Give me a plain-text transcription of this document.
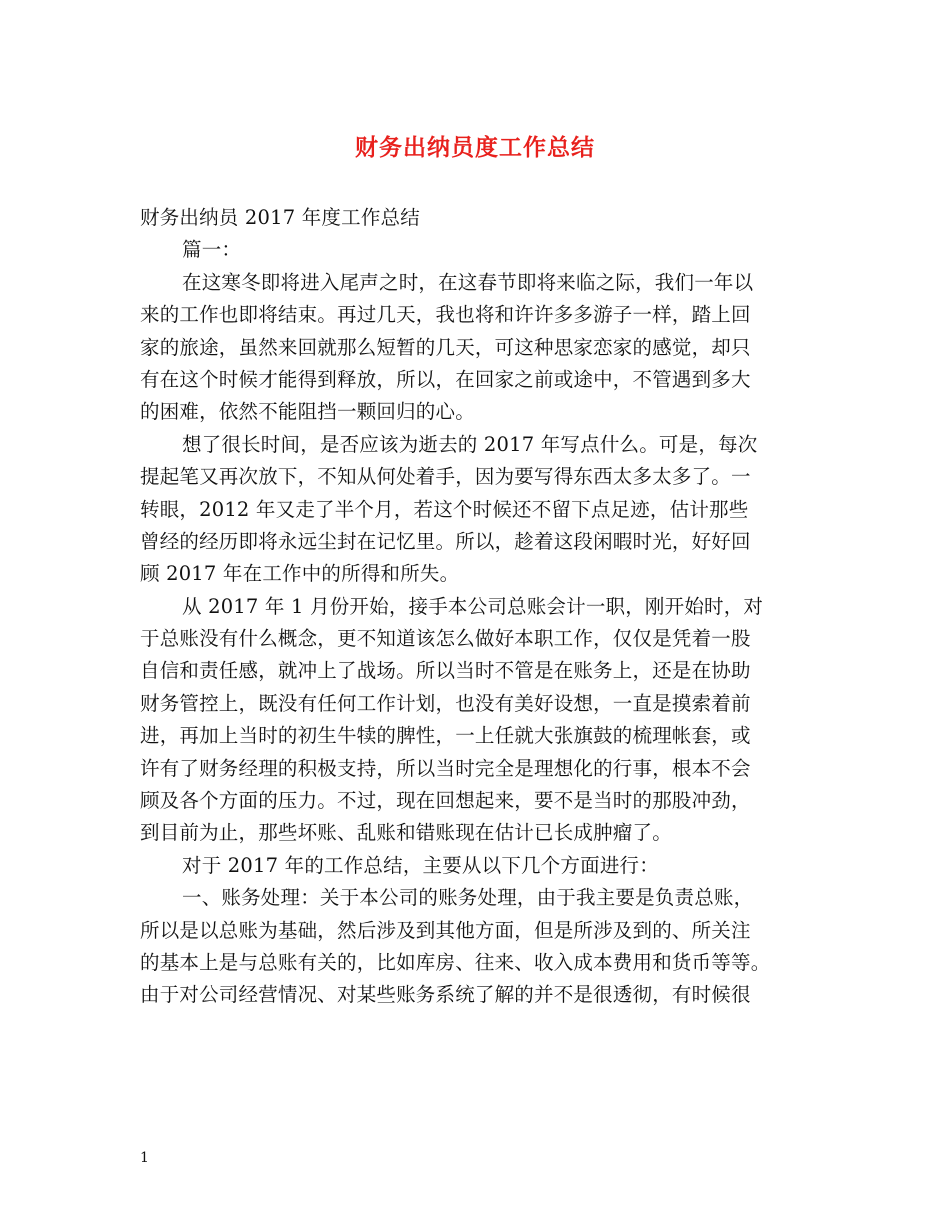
财务出纳员度工作总结
财务出纳员 2017 年度工作总结
篇一：
在这寒冬即将进入尾声之时，在这春节即将来临之际，我们一年以
来的工作也即将结束。再过几天，我也将和许许多多游子一样，踏上回
家的旅途，虽然来回就那么短暂的几天，可这种思家恋家的感觉，却只
有在这个时候才能得到释放，所以，在回家之前或途中，不管遇到多大
的困难，依然不能阻挡一颗回归的心。
想了很长时间，是否应该为逝去的 2017 年写点什么。可是，每次
提起笔又再次放下，不知从何处着手，因为要写得东西太多太多了。一
转眼，2012 年又走了半个月，若这个时候还不留下点足迹，估计那些
曾经的经历即将永远尘封在记忆里。所以，趁着这段闲暇时光，好好回
顾 2017 年在工作中的所得和所失。
从 2017 年 1 月份开始，接手本公司总账会计一职，刚开始时，对
于总账没有什么概念，更不知道该怎么做好本职工作，仅仅是凭着一股
自信和责任感，就冲上了战场。所以当时不管是在账务上，还是在协助
财务管控上，既没有任何工作计划，也没有美好设想，一直是摸索着前
进，再加上当时的初生牛犊的脾性，一上任就大张旗鼓的梳理帐套，或
许有了财务经理的积极支持，所以当时完全是理想化的行事，根本不会
顾及各个方面的压力。不过，现在回想起来，要不是当时的那股冲劲，
到目前为止，那些坏账、乱账和错账现在估计已长成肿瘤了。
对于 2017 年的工作总结，主要从以下几个方面进行：
一、账务处理：关于本公司的账务处理，由于我主要是负责总账，
所以是以总账为基础，然后涉及到其他方面，但是所涉及到的、所关注
的基本上是与总账有关的，比如库房、往来、收入成本费用和货币等等。
由于对公司经营情况、对某些账务系统了解的并不是很透彻，有时候很
1
